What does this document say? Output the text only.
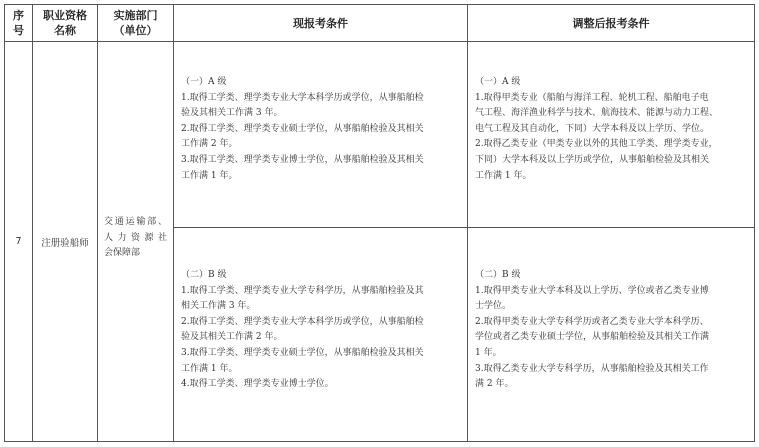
序
号
职业资格
名称
实施部门
（单位）
现报考条件	调整后报考条件
7 注册验船师
交通运输部、
人力资源社
会保障部
（一）A 级
1.取得工学类、理学类专业大学本科学历或学位，从事船舶检
验及其相关工作满 3 年。
2.取得工学类、理学类专业硕士学位，从事船舶检验及其相关
工作满 2 年。
3.取得工学类、理学类专业博士学位，从事船舶检验及其相关
工作满 1 年。
（二）B 级
1.取得工学类、理学类专业大学专科学历，从事船舶检验及其
相关工作满 3 年。
2.取得工学类、理学类专业大学本科学历或学位，从事船舶检
验及其相关工作满 2 年。
3.取得工学类、理学类专业硕士学位，从事船舶检验及其相关
工作满 1 年。
4.取得工学类、理学类专业博士学位。
（一）A 级
1.取得甲类专业（船舶与海洋工程、轮机工程、船舶电子电
气工程、海洋渔业科学与技术、航海技术、能源与动力工程、
电气工程及其自动化，下同）大学本科及以上学历、学位。
2.取得乙类专业（甲类专业以外的其他工学类、理学类专业，
下同）大学本科及以上学历或学位，从事船舶检验及其相关
工作满 1 年。
（二）B 级
1.取得甲类专业大学本科及以上学历、学位或者乙类专业博
士学位。
2.取得甲类专业大学专科学历或者乙类专业大学本科学历、
学位或者乙类专业硕士学位，从事船舶检验及其相关工作满
1 年。
3.取得乙类专业大学专科学历，从事船舶检验及其相关工作
满 2 年。
